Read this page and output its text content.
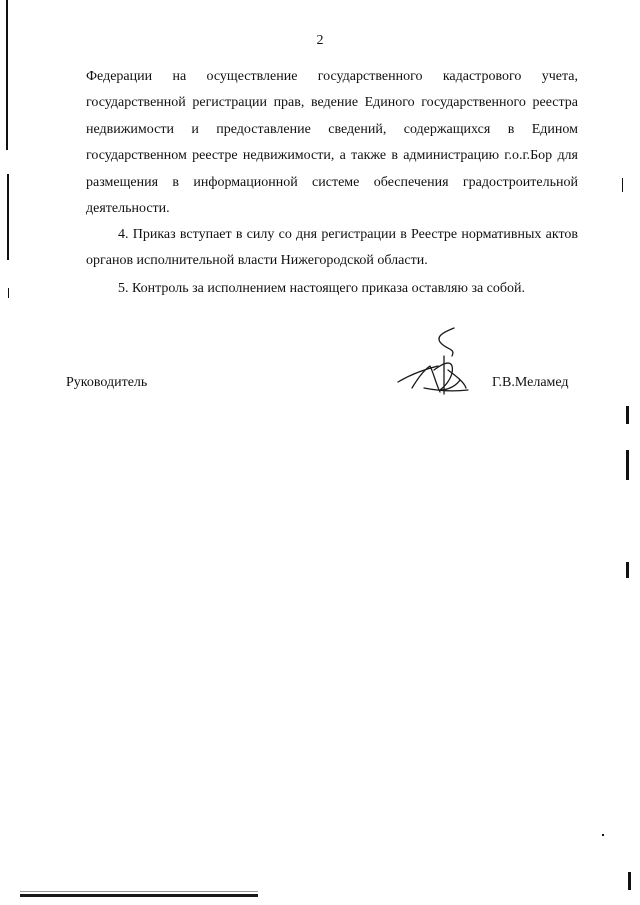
2
Федерации на осуществление государственного кадастрового учета,
государственной регистрации прав, ведение Единого государственного реестра
недвижимости и предоставление сведений, содержащихся в Едином
государственном реестре недвижимости, а также в администрацию г.о.г.Бор для
размещения в информационной системе обеспечения градостроительной
деятельности.
4. Приказ вступает в силу со дня регистрации в Реестре нормативных актов
органов исполнительной власти Нижегородской области.
5. Контроль за исполнением настоящего приказа оставляю за собой.
Руководитель	Г.В.Меламед
